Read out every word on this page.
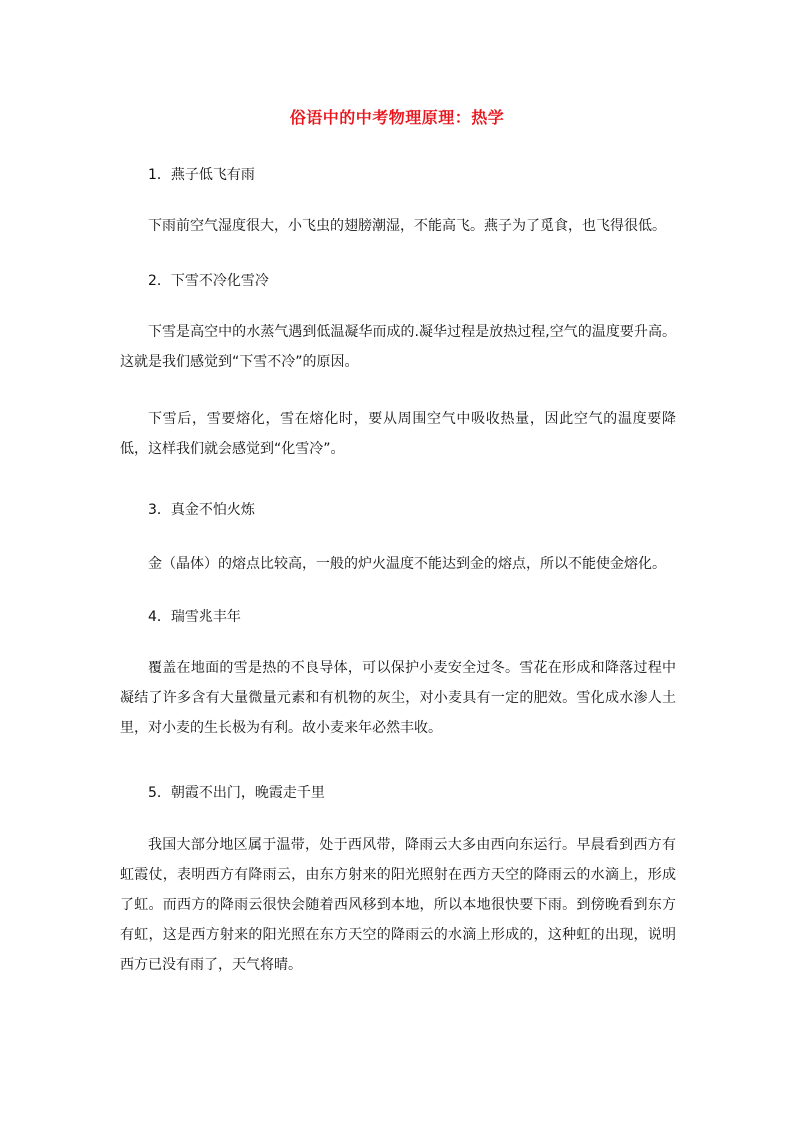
俗语中的中考物理原理：热学
1．燕子低飞有雨
下雨前空气湿度很大，小飞虫的翅膀潮湿，不能高飞。燕子为了觅食，也飞得很低。
2．下雪不冷化雪冷
下雪是高空中的水蒸气遇到低温凝华而成的.凝华过程是放热过程,空气的温度要升高。这就是我们感觉到“下雪不冷”的原因。
下雪后，雪要熔化，雪在熔化时，要从周围空气中吸收热量，因此空气的温度要降低，这样我们就会感觉到“化雪冷”。
3．真金不怕火炼
金（晶体）的熔点比较高，一般的炉火温度不能达到金的熔点，所以不能使金熔化。
4．瑞雪兆丰年
覆盖在地面的雪是热的不良导体，可以保护小麦安全过冬。雪花在形成和降落过程中凝结了许多含有大量微量元素和有机物的灰尘，对小麦具有一定的肥效。雪化成水渗人土里，对小麦的生长极为有利。故小麦来年必然丰收。
5．朝霞不出门，晚霞走千里
我国大部分地区属于温带，处于西风带，降雨云大多由西向东运行。早晨看到西方有虹霞仗，表明西方有降雨云，由东方射来的阳光照射在西方天空的降雨云的水滴上，形成了虹。而西方的降雨云很快会随着西风移到本地，所以本地很快要下雨。到傍晚看到东方有虹，这是西方射来的阳光照在东方天空的降雨云的水滴上形成的，这种虹的出现，说明西方已没有雨了，天气将晴。
